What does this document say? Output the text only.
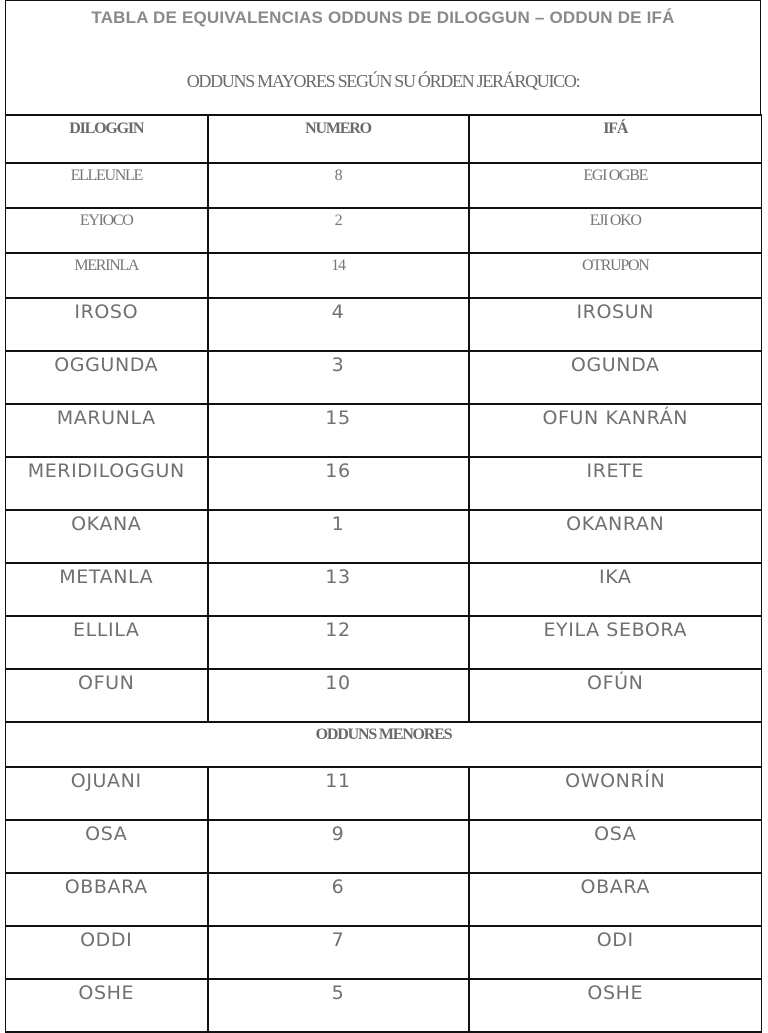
TABLA DE EQUIVALENCIAS ODDUNS DE DILOGGUN – ODDUN DE IFÁ
ODDUNS MAYORES SEGÚN SU ÓRDEN JERÁRQUICO:
DILOGGIN	NUMERO	IFÁ
ELLEUNLE	8	EGI OGBE
EYIOCO	2	EJI OKO
MERINLA	14	OTRUPON
IROSO	4	IROSUN
OGGUNDA	3	OGUNDA
MARUNLA	15	OFUN KANRÁN
MERIDILOGGUN	16	IRETE
OKANA	1	OKANRAN
METANLA	13	IKA
ELLILA	12	EYILA SEBORA
OFUN	10	OFÚN
ODDUNS MENORES		
OJUANI	11	OWONRÍN
OSA	9	OSA
OBBARA	6	OBARA
ODDI	7	ODI
OSHE	5	OSHE
